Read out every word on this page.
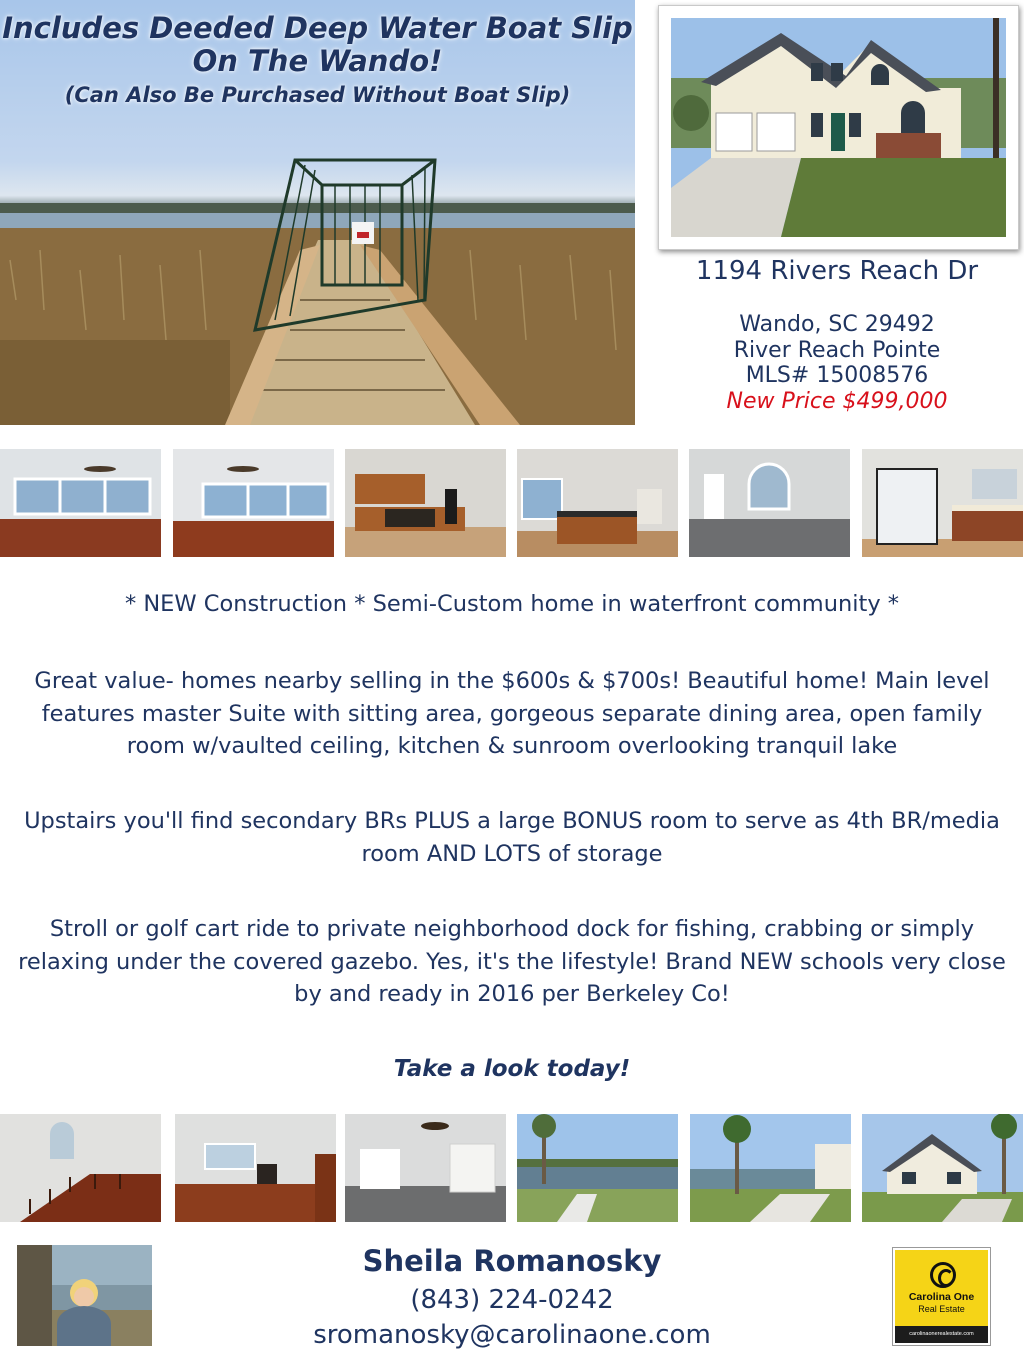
Includes Deeded Deep Water Boat Slip
On The Wando!
(Can Also Be Purchased Without Boat Slip)
1194 Rivers Reach Dr
Wando, SC 29492
River Reach Pointe
MLS# 15008576
New Price $499,000
* NEW Construction * Semi-Custom home in waterfront community *
Great value- homes nearby selling in the $600s & $700s! Beautiful home! Main level features master Suite with sitting area, gorgeous separate dining area, open family room w/vaulted ceiling, kitchen & sunroom overlooking tranquil lake
Upstairs you'll find secondary BRs PLUS a large BONUS room to serve as 4th BR/media room AND LOTS of storage
Stroll or golf cart ride to private neighborhood dock for fishing, crabbing or simply relaxing under the covered gazebo. Yes, it's the lifestyle! Brand NEW schools very close by and ready in 2016 per Berkeley Co!
Take a look today!
Sheila Romanosky
(843) 224-0242
sromanosky@carolinaone.com
Carolina One
Real Estate
carolinaonerealestate.com
